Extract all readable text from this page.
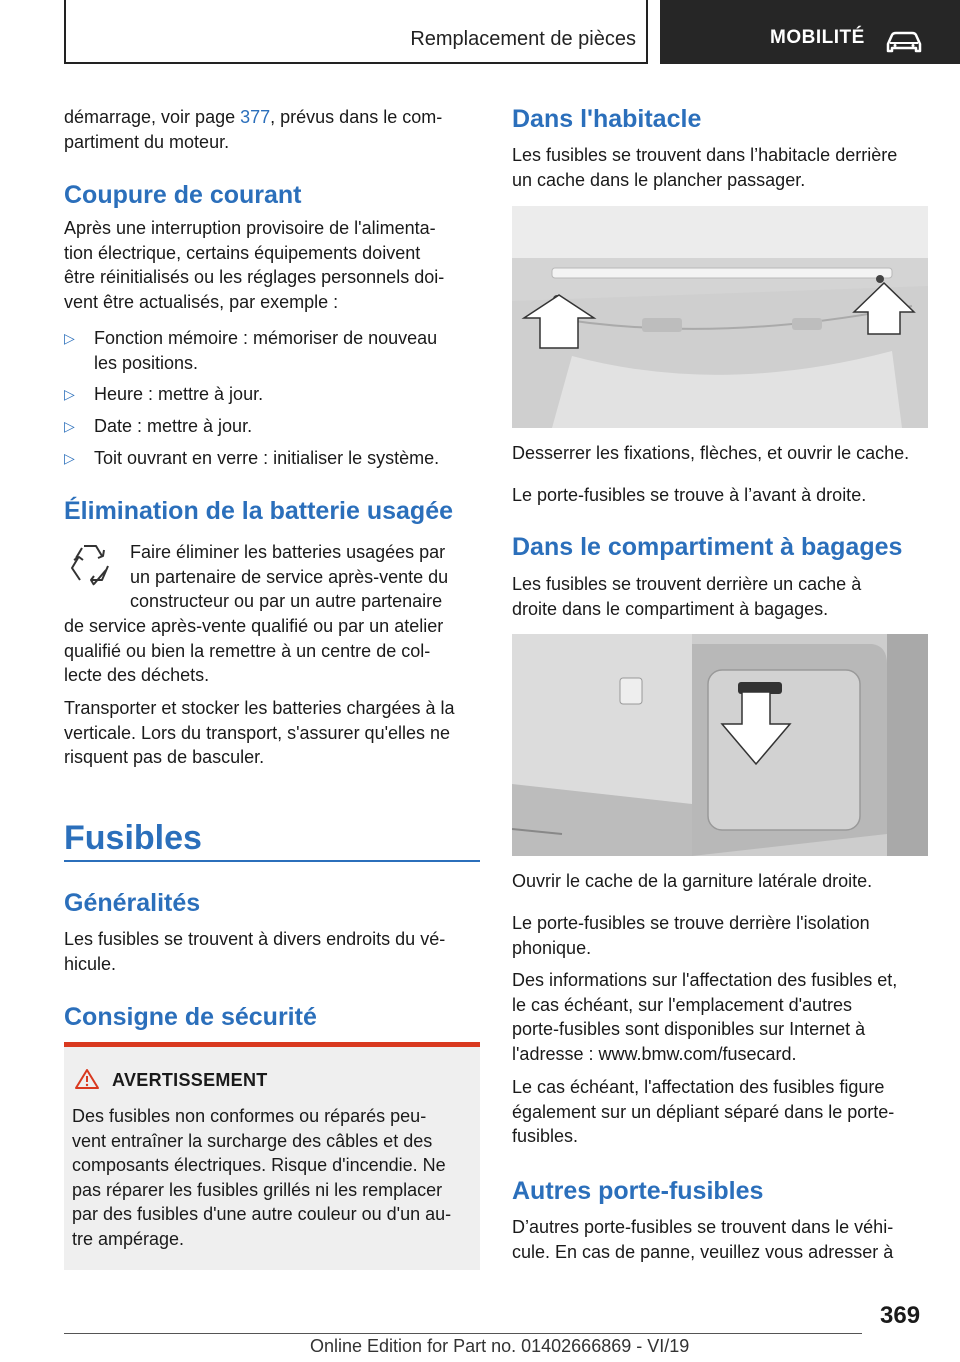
Remplacement de pièces	MOBILITÉ
démarrage, voir page 377, prévus dans le com-
partiment du moteur.
Coupure de courant
Après une interruption provisoire de l'alimenta-
tion électrique, certains équipements doivent
être réinitialisés ou les réglages personnels doi-
vent être actualisés, par exemple :
▷ Fonction mémoire : mémoriser de nouveau
les positions.
▷ Heure : mettre à jour.
▷ Date : mettre à jour.
▷ Toit ouvrant en verre : initialiser le système.
Élimination de la batterie usagée
Faire éliminer les batteries usagées par
un partenaire de service après-vente du
constructeur ou par un autre partenaire
de service après-vente qualifié ou par un atelier
qualifié ou bien la remettre à un centre de col-
lecte des déchets.
Transporter et stocker les batteries chargées à la
verticale. Lors du transport, s'assurer qu'elles ne
risquent pas de basculer.
Fusibles
Généralités
Les fusibles se trouvent à divers endroits du vé-
hicule.
Consigne de sécurité
AVERTISSEMENT
Des fusibles non conformes ou réparés peu-
vent entraîner la surcharge des câbles et des
composants électriques. Risque d'incendie. Ne
pas réparer les fusibles grillés ni les remplacer
par des fusibles d'une autre couleur ou d'un au-
tre ampérage.
Dans l'habitacle
Les fusibles se trouvent dans l’habitacle derrière
un cache dans le plancher passager.
Desserrer les fixations, flèches, et ouvrir le cache.
Le porte-fusibles se trouve à l’avant à droite.
Dans le compartiment à bagages
Les fusibles se trouvent derrière un cache à
droite dans le compartiment à bagages.
Ouvrir le cache de la garniture latérale droite.
Le porte-fusibles se trouve derrière l'isolation
phonique.
Des informations sur l'affectation des fusibles et,
le cas échéant, sur l'emplacement d'autres
porte-fusibles sont disponibles sur Internet à
l'adresse : www.bmw.com/fusecard.
Le cas échéant, l'affectation des fusibles figure
également sur un dépliant séparé dans le porte-
fusibles.
Autres porte-fusibles
D’autres porte-fusibles se trouvent dans le véhi-
cule. En cas de panne, veuillez vous adresser à
369
Online Edition for Part no. 01402666869 - VI/19
